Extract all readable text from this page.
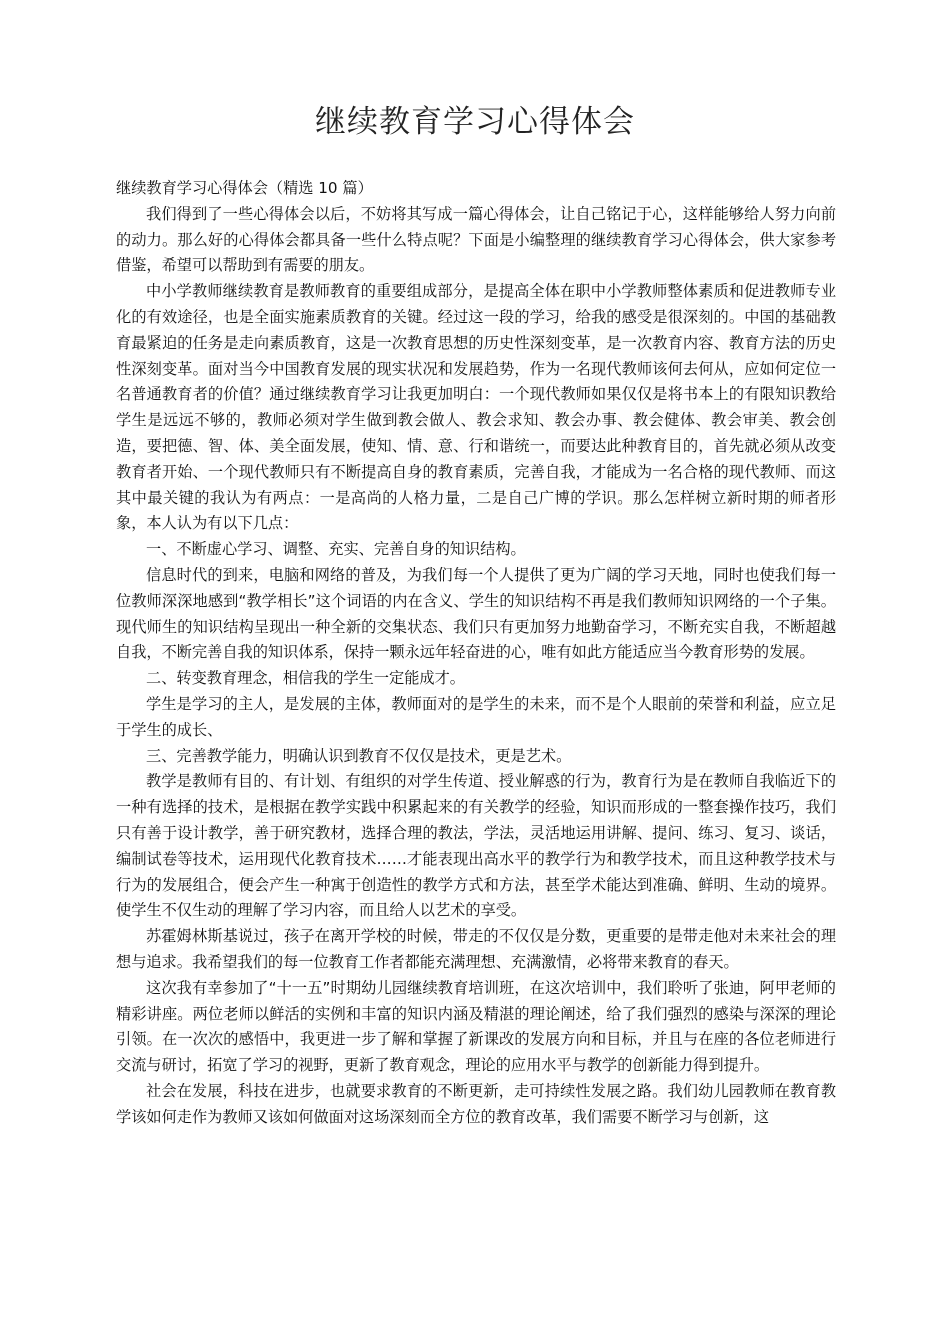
继续教育学习心得体会

继续教育学习心得体会（精选 10 篇）

我们得到了一些心得体会以后，不妨将其写成一篇心得体会，让自己铭记于心，这样能够给人努力向前的动力。那么好的心得体会都具备一些什么特点呢？下面是小编整理的继续教育学习心得体会，供大家参考借鉴，希望可以帮助到有需要的朋友。

中小学教师继续教育是教师教育的重要组成部分，是提高全体在职中小学教师整体素质和促进教师专业化的有效途径，也是全面实施素质教育的关键。经过这一段的学习，给我的感受是很深刻的。中国的基础教育最紧迫的任务是走向素质教育，这是一次教育思想的历史性深刻变革，是一次教育内容、教育方法的历史性深刻变革。面对当今中国教育发展的现实状况和发展趋势，作为一名现代教师该何去何从，应如何定位一名普通教育者的价值？通过继续教育学习让我更加明白：一个现代教师如果仅仅是将书本上的有限知识教给学生是远远不够的，教师必须对学生做到教会做人、教会求知、教会办事、教会健体、教会审美、教会创造，要把德、智、体、美全面发展，使知、情、意、行和谐统一，而要达此种教育目的，首先就必须从改变教育者开始、一个现代教师只有不断提高自身的教育素质，完善自我，才能成为一名合格的现代教师、而这其中最关键的我认为有两点：一是高尚的人格力量，二是自己广博的学识。那么怎样树立新时期的师者形象，本人认为有以下几点：

一、不断虚心学习、调整、充实、完善自身的知识结构。

信息时代的到来，电脑和网络的普及，为我们每一个人提供了更为广阔的学习天地，同时也使我们每一位教师深深地感到“教学相长”这个词语的内在含义、学生的知识结构不再是我们教师知识网络的一个子集。现代师生的知识结构呈现出一种全新的交集状态、我们只有更加努力地勤奋学习，不断充实自我，不断超越自我，不断完善自我的知识体系，保持一颗永远年轻奋进的心，唯有如此方能适应当今教育形势的发展。

二、转变教育理念，相信我的学生一定能成才。

学生是学习的主人，是发展的主体，教师面对的是学生的未来，而不是个人眼前的荣誉和利益，应立足于学生的成长、

三、完善教学能力，明确认识到教育不仅仅是技术，更是艺术。

教学是教师有目的、有计划、有组织的对学生传道、授业解惑的行为，教育行为是在教师自我临近下的一种有选择的技术，是根据在教学实践中积累起来的有关教学的经验，知识而形成的一整套操作技巧，我们只有善于设计教学，善于研究教材，选择合理的教法，学法，灵活地运用讲解、提问、练习、复习、谈话，编制试卷等技术，运用现代化教育技术……才能表现出高水平的教学行为和教学技术，而且这种教学技术与行为的发展组合，便会产生一种寓于创造性的教学方式和方法，甚至学术能达到准确、鲜明、生动的境界。使学生不仅生动的理解了学习内容，而且给人以艺术的享受。

苏霍姆林斯基说过，孩子在离开学校的时候，带走的不仅仅是分数，更重要的是带走他对未来社会的理想与追求。我希望我们的每一位教育工作者都能充满理想、充满激情，必将带来教育的春天。

这次我有幸参加了“十一五”时期幼儿园继续教育培训班，在这次培训中，我们聆听了张迪，阿甲老师的精彩讲座。两位老师以鲜活的实例和丰富的知识内涵及精湛的理论阐述，给了我们强烈的感染与深深的理论引领。在一次次的感悟中，我更进一步了解和掌握了新课改的发展方向和目标，并且与在座的各位老师进行交流与研讨，拓宽了学习的视野，更新了教育观念，理论的应用水平与教学的创新能力得到提升。

社会在发展，科技在进步，也就要求教育的不断更新，走可持续性发展之路。我们幼儿园教师在教育教学该如何走作为教师又该如何做面对这场深刻而全方位的教育改革，我们需要不断学习与创新，这
